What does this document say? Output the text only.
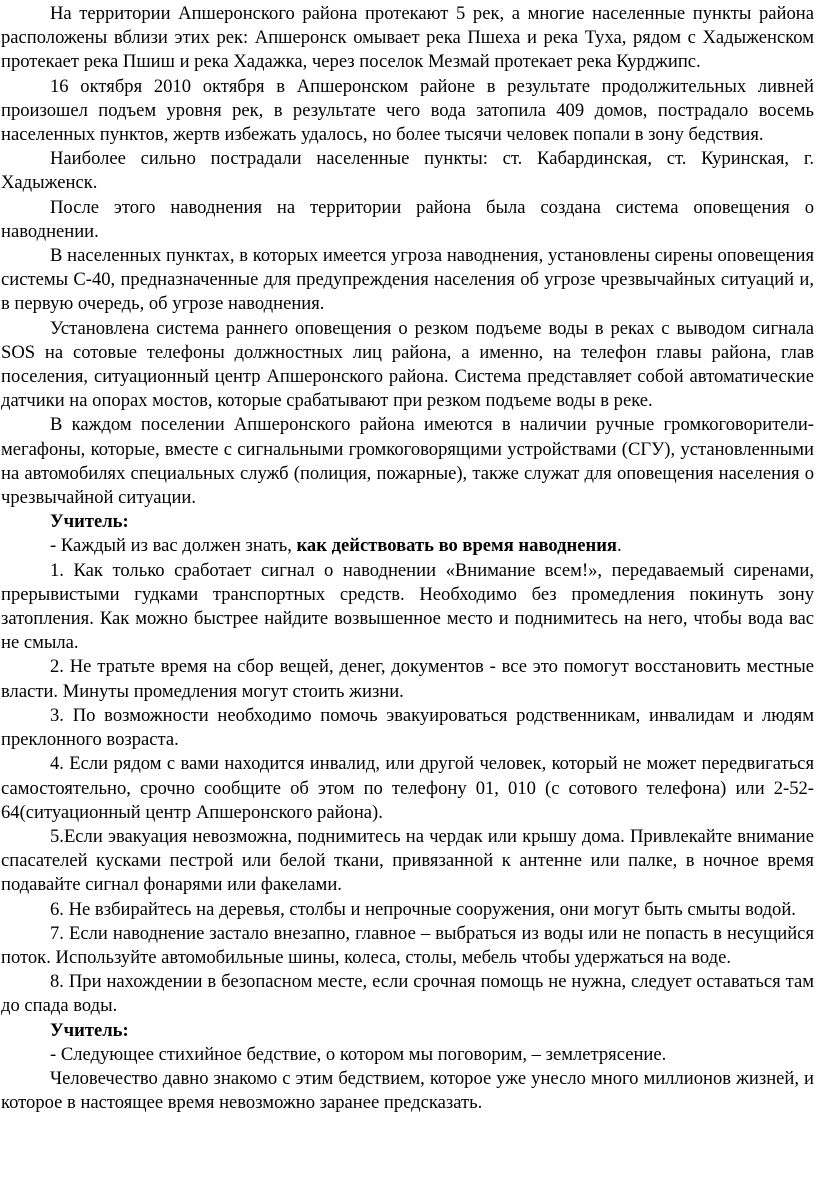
На территории Апшеронского района протекают 5 рек, а многие населенные пункты района расположены вблизи этих рек: Апшеронск омывает река Пшеха и река Туха, рядом с Хадыженском протекает река Пшиш и река Хадажка, через поселок Мезмай протекает река Курджипс.

16 октября 2010 октября в Апшеронском районе в результате продолжительных ливней произошел подъем уровня рек, в результате чего вода затопила 409 домов, пострадало восемь населенных пунктов, жертв избежать удалось, но более тысячи человек попали в зону бедствия.

Наиболее сильно пострадали населенные пункты: ст. Кабардинская, ст. Куринская, г. Хадыженск.

После этого наводнения на территории района была создана система оповещения о наводнении.

В населенных пунктах, в которых имеется угроза наводнения, установлены сирены оповещения системы С-40, предназначенные для предупреждения населения об угрозе чрезвычайных ситуаций и, в первую очередь, об угрозе наводнения.

Установлена система раннего оповещения о резком подъеме воды в реках с выводом сигнала SOS на сотовые телефоны должностных лиц района, а именно, на телефон главы района, глав поселения, ситуационный центр Апшеронского района. Система представляет собой автоматические датчики на опорах мостов, которые срабатывают при резком подъеме воды в реке.

В каждом поселении Апшеронского района имеются в наличии ручные громкоговорители-мегафоны, которые, вместе с сигнальными громкоговорящими устройствами (СГУ), установленными на автомобилях специальных служб (полиция, пожарные), также служат для оповещения населения о чрезвычайной ситуации.

Учитель:

- Каждый из вас должен знать, как действовать во время наводнения.

1. Как только сработает сигнал о наводнении «Внимание всем!», передаваемый сиренами, прерывистыми гудками транспортных средств. Необходимо без промедления покинуть зону затопления. Как можно быстрее найдите возвышенное место и поднимитесь на него, чтобы вода вас не смыла.

2. Не тратьте время на сбор вещей, денег, документов - все это помогут восстановить местные власти. Минуты промедления могут стоить жизни.

3. По возможности необходимо помочь эвакуироваться родственникам, инвалидам и людям преклонного возраста.

4. Если рядом с вами находится инвалид, или другой человек, который не может передвигаться самостоятельно, срочно сообщите об этом по телефону 01, 010 (с сотового телефона) или 2-52-64(ситуационный центр Апшеронского района).

5.Если эвакуация невозможна, поднимитесь на чердак или крышу дома. Привлекайте внимание спасателей кусками пестрой или белой ткани, привязанной к антенне или палке, в ночное время подавайте сигнал фонарями или факелами.

6. Не взбирайтесь на деревья, столбы и непрочные сооружения, они могут быть смыты водой.

7. Если наводнение застало внезапно, главное – выбраться из воды или не попасть в несущийся поток. Используйте автомобильные шины, колеса, столы, мебель чтобы удержаться на воде.

8. При нахождении в безопасном месте, если срочная помощь не нужна, следует оставаться там до спада воды.

Учитель:

- Следующее стихийное бедствие, о котором мы поговорим, – землетрясение.

Человечество давно знакомо с этим бедствием, которое уже унесло много миллионов жизней, и которое в настоящее время невозможно заранее предсказать.
